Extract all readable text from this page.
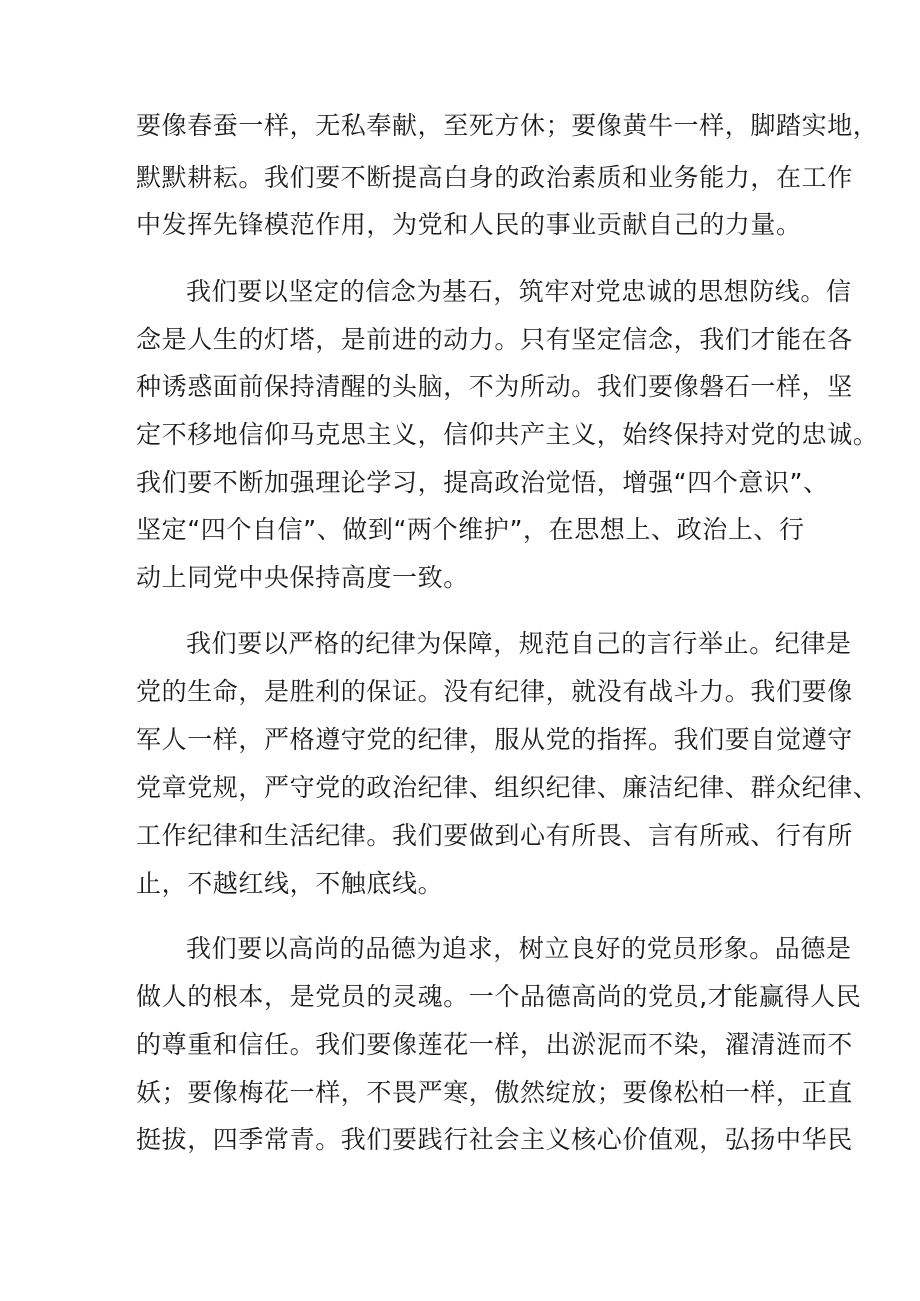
要像春蚕一样，无私奉献，至死方休；要像黄牛一样，脚踏实地，
默默耕耘。我们要不断提高白身的政治素质和业务能力，在工作
中发挥先锋模范作用，为党和人民的事业贡献自己的力量。
我们要以坚定的信念为基石，筑牢对党忠诚的思想防线。信
念是人生的灯塔，是前进的动力。只有坚定信念，我们才能在各
种诱惑面前保持清醒的头脑，不为所动。我们要像磐石一样，坚
定不移地信仰马克思主义，信仰共产主义，始终保持对党的忠诚。
我们要不断加强理论学习，提高政治觉悟，增强“四个意识”、
坚定“四个自信”、做到“两个维护”，在思想上、政治上、行
动上同党中央保持高度一致。
我们要以严格的纪律为保障，规范自己的言行举止。纪律是
党的生命，是胜利的保证。没有纪律，就没有战斗力。我们要像
军人一样，严格遵守党的纪律，服从党的指挥。我们要自觉遵守
党章党规，严守党的政治纪律、组织纪律、廉洁纪律、群众纪律、
工作纪律和生活纪律。我们要做到心有所畏、言有所戒、行有所
止，不越红线，不触底线。
我们要以高尚的品德为追求，树立良好的党员形象。品德是
做人的根本，是党员的灵魂。一个品德高尚的党员,才能赢得人民
的尊重和信任。我们要像莲花一样，出淤泥而不染，濯清涟而不
妖；要像梅花一样，不畏严寒，傲然绽放；要像松柏一样，正直
挺拔，四季常青。我们要践行社会主义核心价值观，弘扬中华民
